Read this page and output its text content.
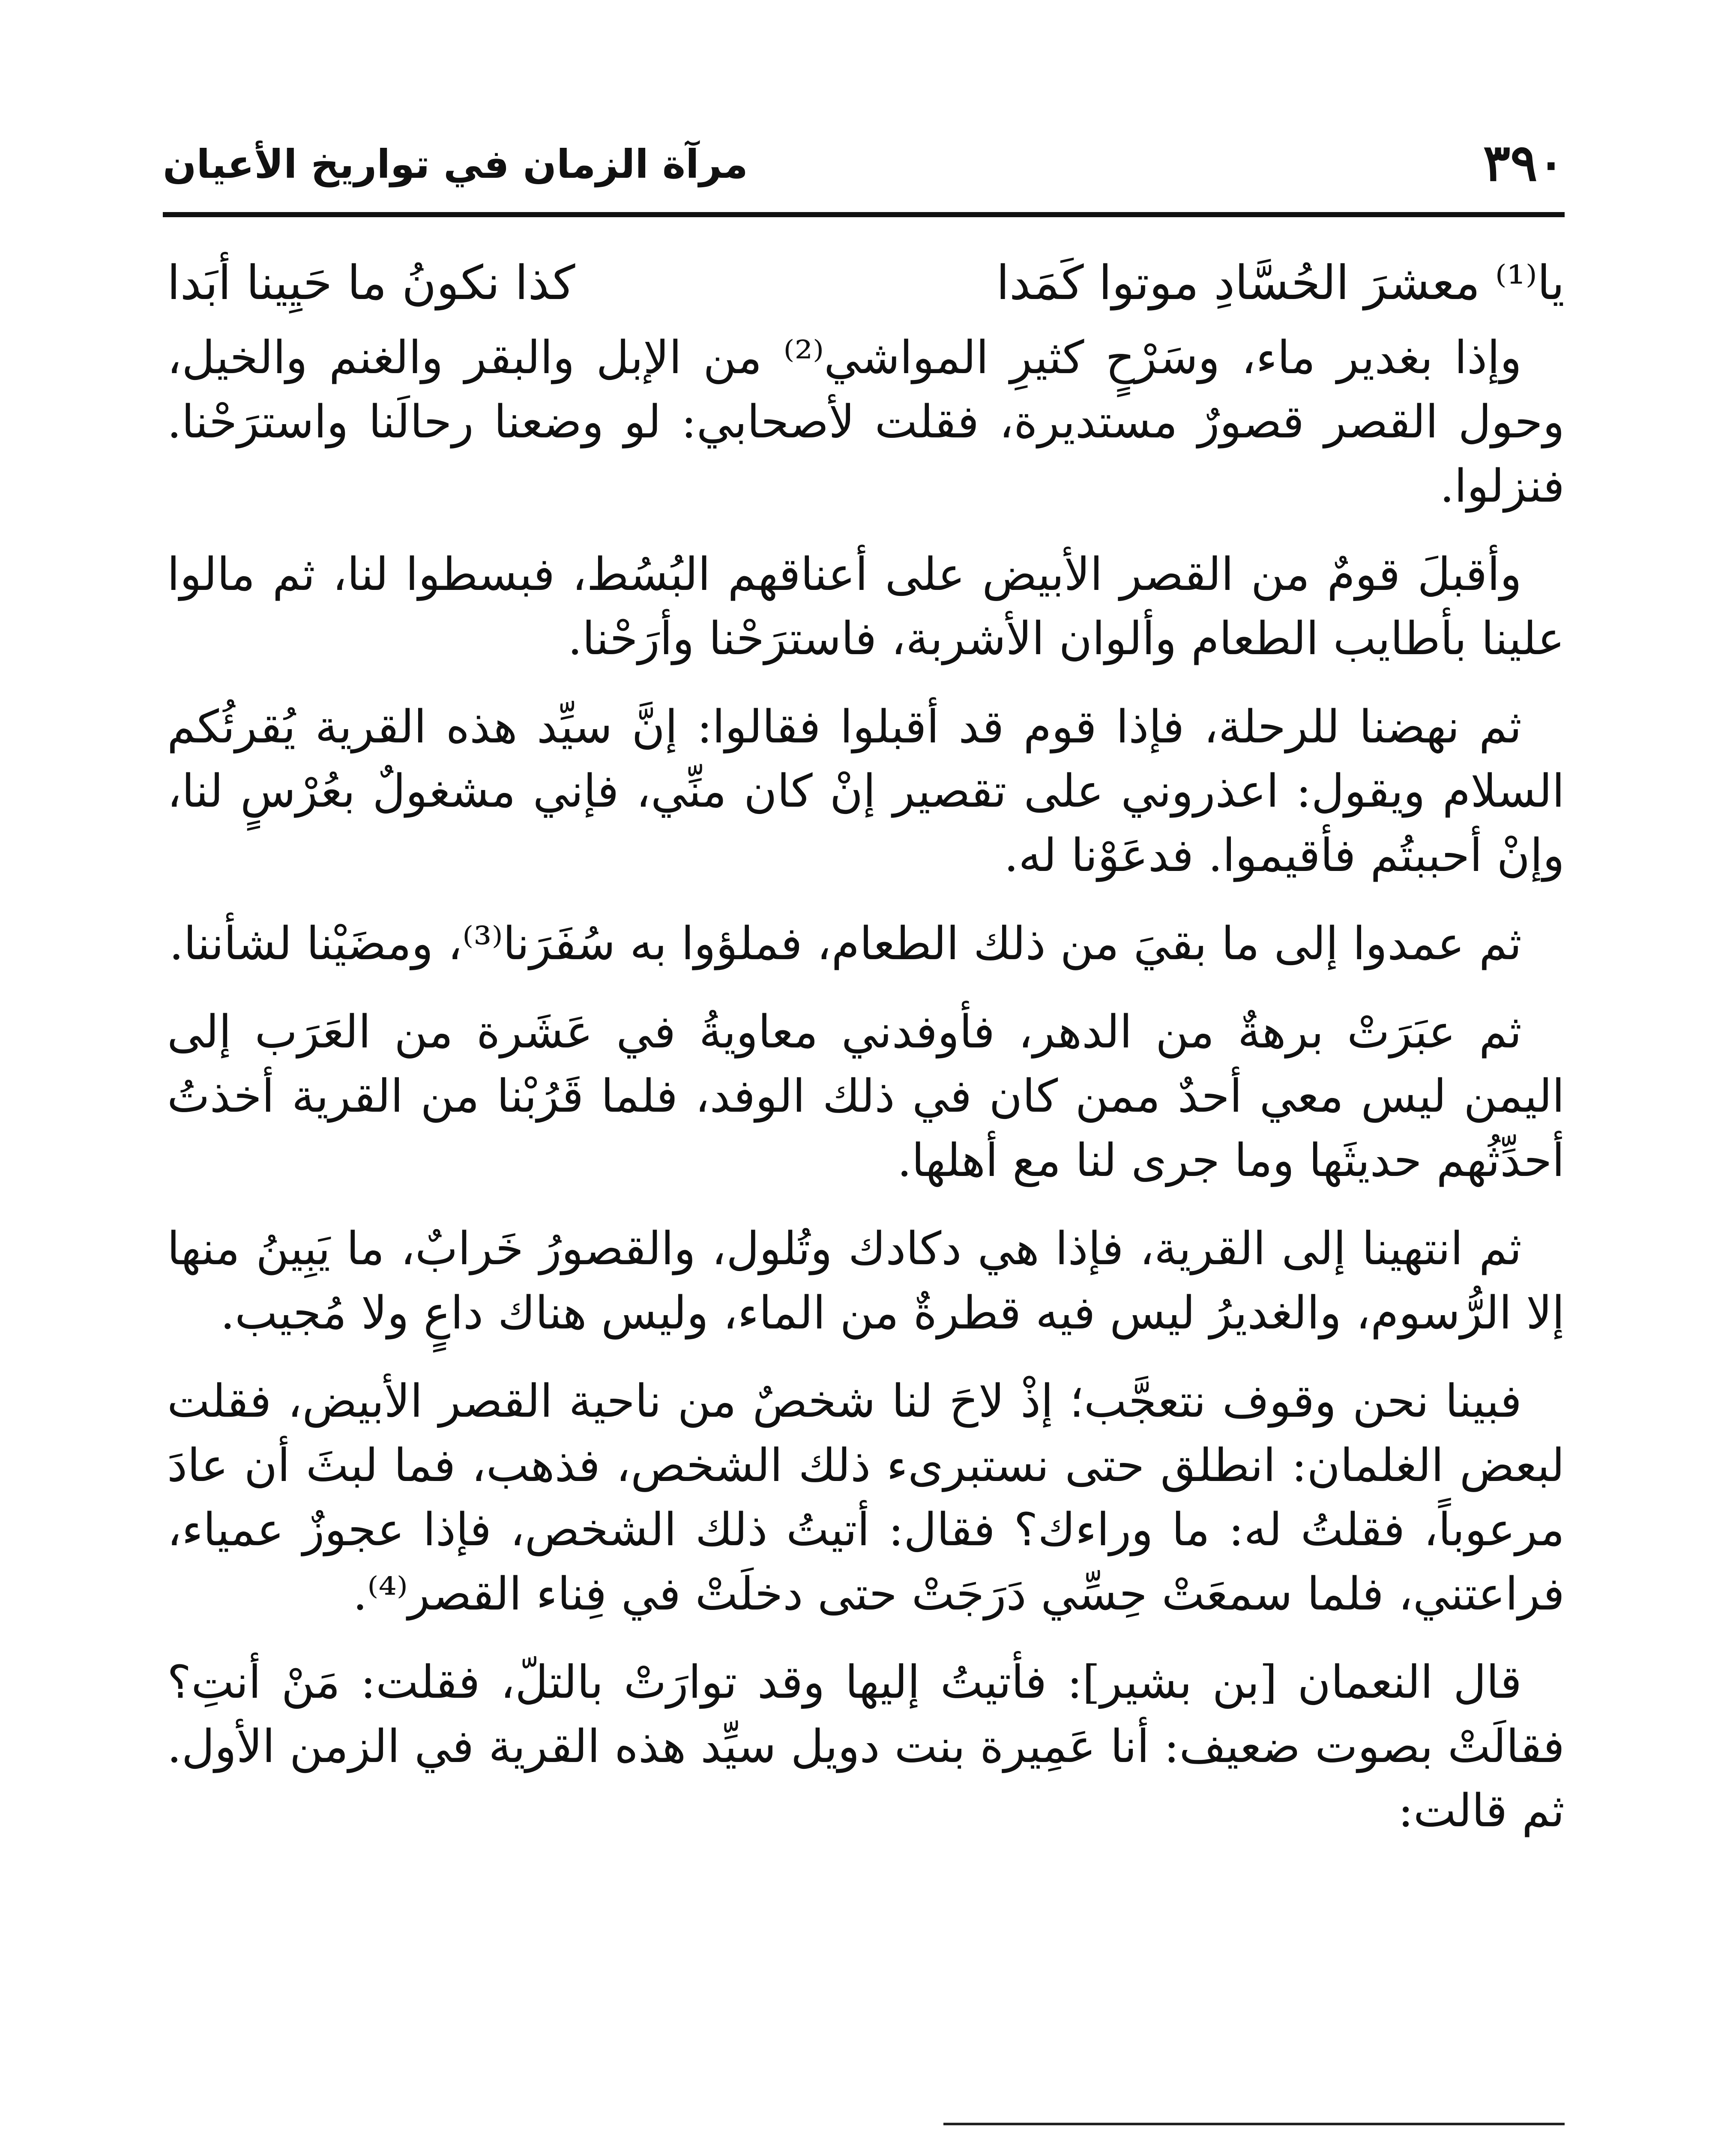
٣٩٠
مرآة الزمان في تواريخ الأعيان
يا⁽¹⁾ معشرَ الحُسَّادِ موتوا كَمَدا
كذا نكونُ ما حَيِينا أبَدا

وإذا بغدير ماء، وسَرْحٍ كثيرِ المواشي⁽²⁾ من الإبل والبقر والغنم والخيل، وحول القصر قصورٌ مستديرة، فقلت لأصحابي: لو وضعنا رحالَنا واسترَحْنا. فنزلوا.

وأقبلَ قومٌ من القصر الأبيض على أعناقهم البُسُط، فبسطوا لنا، ثم مالوا علينا بأطايب الطعام وألوان الأشربة، فاسترَحْنا وأرَحْنا.

ثم نهضنا للرحلة، فإذا قوم قد أقبلوا فقالوا: إنَّ سيِّد هذه القرية يُقرئُكم السلام ويقول: اعذروني على تقصير إنْ كان منِّي، فإني مشغولٌ بعُرْسٍ لنا، وإنْ أحببتُم فأقيموا. فدعَوْنا له.

ثم عمدوا إلى ما بقيَ من ذلك الطعام، فملؤوا به سُفَرَنا⁽³⁾، ومضَيْنا لشأننا.

ثم عبَرَتْ برهةٌ من الدهر، فأوفدني معاويةُ في عَشَرة من العَرَب إلى اليمن ليس معي أحدٌ ممن كان في ذلك الوفد، فلما قَرُبْنا من القرية أخذتُ أحدِّثُهم حديثَها وما جرى لنا مع أهلها.

ثم انتهينا إلى القرية، فإذا هي دكادك وتُلول، والقصورُ خَرابٌ، ما يَبِينُ منها إلا الرُّسوم، والغديرُ ليس فيه قطرةٌ من الماء، وليس هناك داعٍ ولا مُجيب.

فبينا نحن وقوف نتعجَّب؛ إذْ لاحَ لنا شخصٌ من ناحية القصر الأبيض، فقلت لبعض الغلمان: انطلق حتى نستبرىء ذلك الشخص، فذهب، فما لبثَ أن عادَ مرعوباً، فقلتُ له: ما وراءك؟ فقال: أتيتُ ذلك الشخص، فإذا عجوزٌ عمياء، فراعتني، فلما سمعَتْ حِسِّي دَرَجَتْ حتى دخلَتْ في فِناء القصر⁽⁴⁾.

قال النعمان [بن بشير]: فأتيتُ إليها وقد توارَتْ بالتلّ، فقلت: مَنْ أنتِ؟ فقالَتْ بصوت ضعيف: أنا عَمِيرة بنت دويل سيِّد هذه القرية في الزمن الأول. ثم قالت:
